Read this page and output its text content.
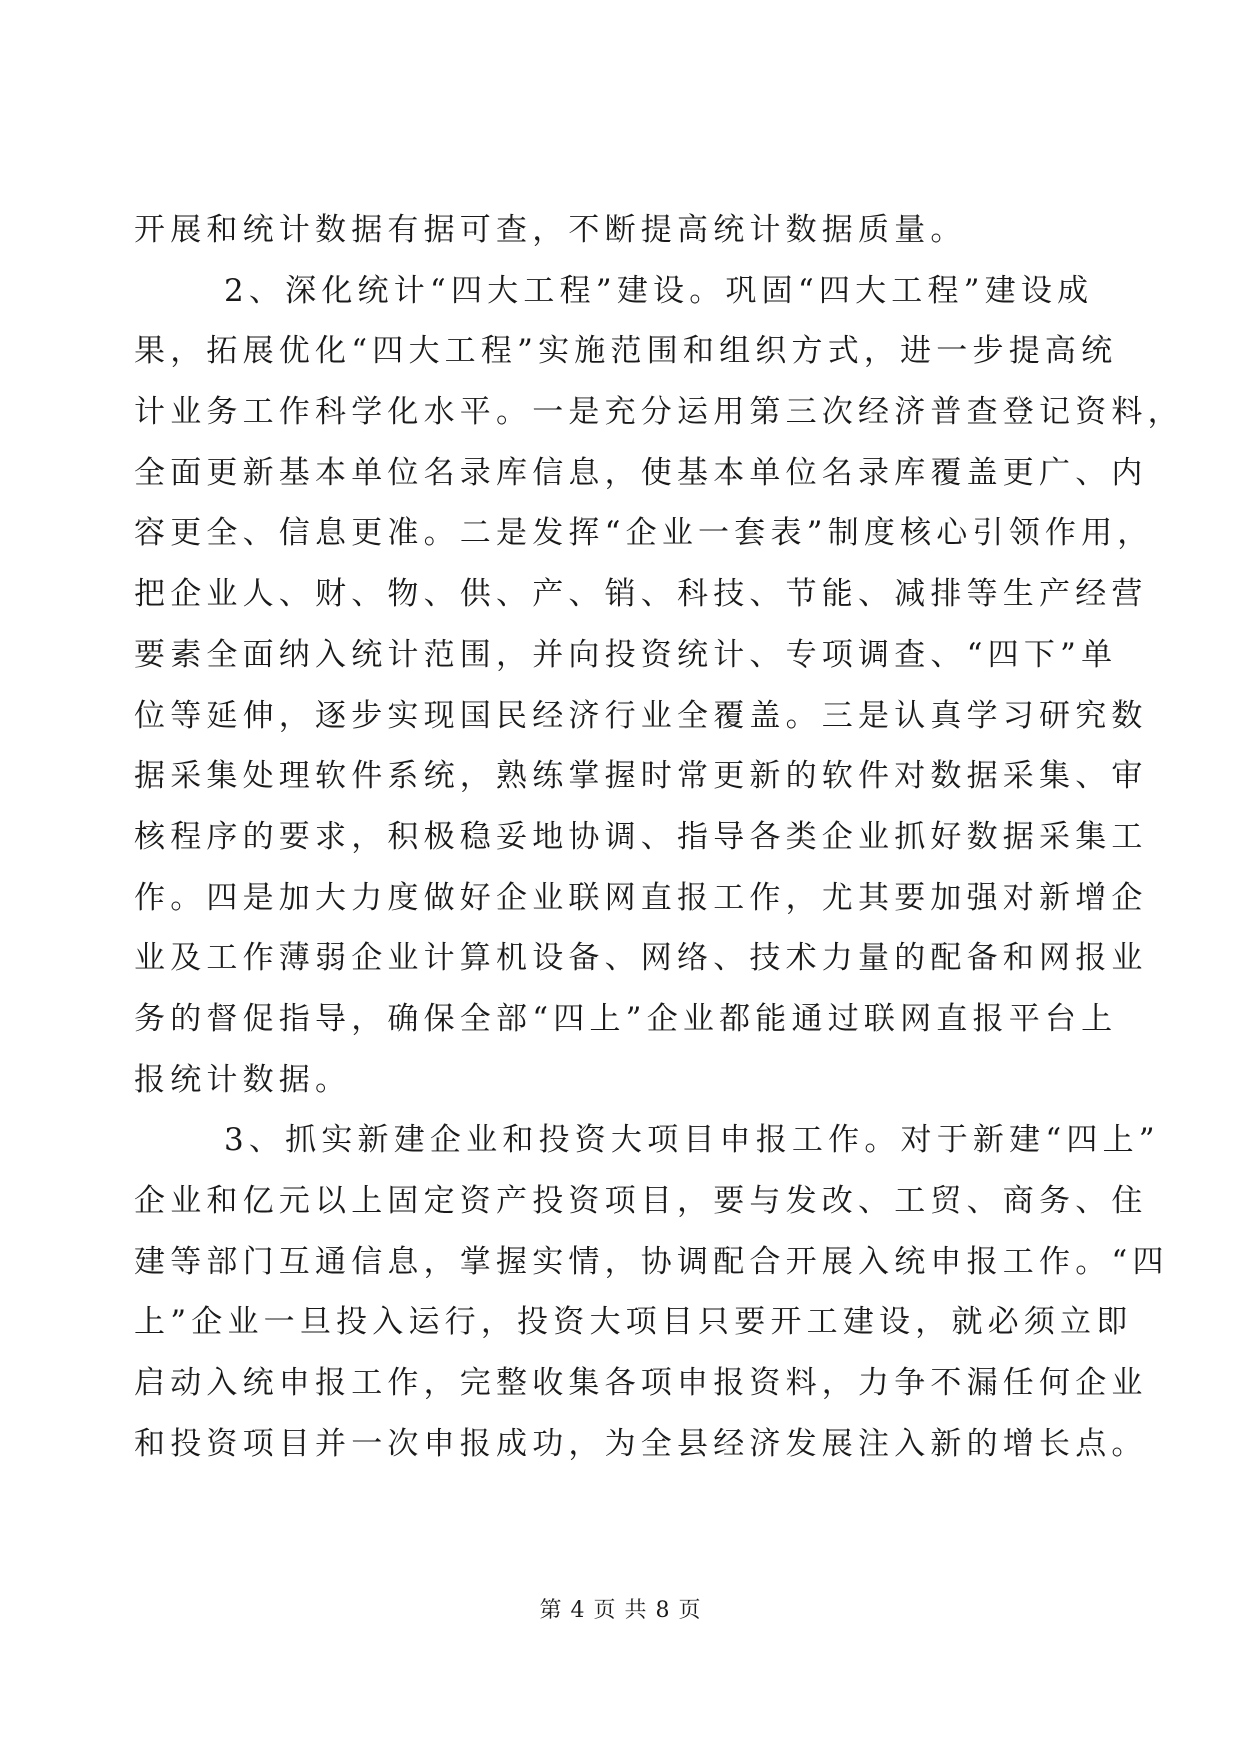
开展和统计数据有据可查，不断提高统计数据质量。
2、深化统计“四大工程”建设。巩固“四大工程”建设成
果，拓展优化“四大工程”实施范围和组织方式，进一步提高统
计业务工作科学化水平。一是充分运用第三次经济普查登记资料，
全面更新基本单位名录库信息，使基本单位名录库覆盖更广、内
容更全、信息更准。二是发挥“企业一套表”制度核心引领作用，
把企业人、财、物、供、产、销、科技、节能、减排等生产经营
要素全面纳入统计范围，并向投资统计、专项调查、“四下”单
位等延伸，逐步实现国民经济行业全覆盖。三是认真学习研究数
据采集处理软件系统，熟练掌握时常更新的软件对数据采集、审
核程序的要求，积极稳妥地协调、指导各类企业抓好数据采集工
作。四是加大力度做好企业联网直报工作，尤其要加强对新增企
业及工作薄弱企业计算机设备、网络、技术力量的配备和网报业
务的督促指导，确保全部“四上”企业都能通过联网直报平台上
报统计数据。
3、抓实新建企业和投资大项目申报工作。对于新建“四上”
企业和亿元以上固定资产投资项目，要与发改、工贸、商务、住
建等部门互通信息，掌握实情，协调配合开展入统申报工作。“四
上”企业一旦投入运行，投资大项目只要开工建设，就必须立即
启动入统申报工作，完整收集各项申报资料，力争不漏任何企业
和投资项目并一次申报成功，为全县经济发展注入新的增长点。
第 4 页 共 8 页
